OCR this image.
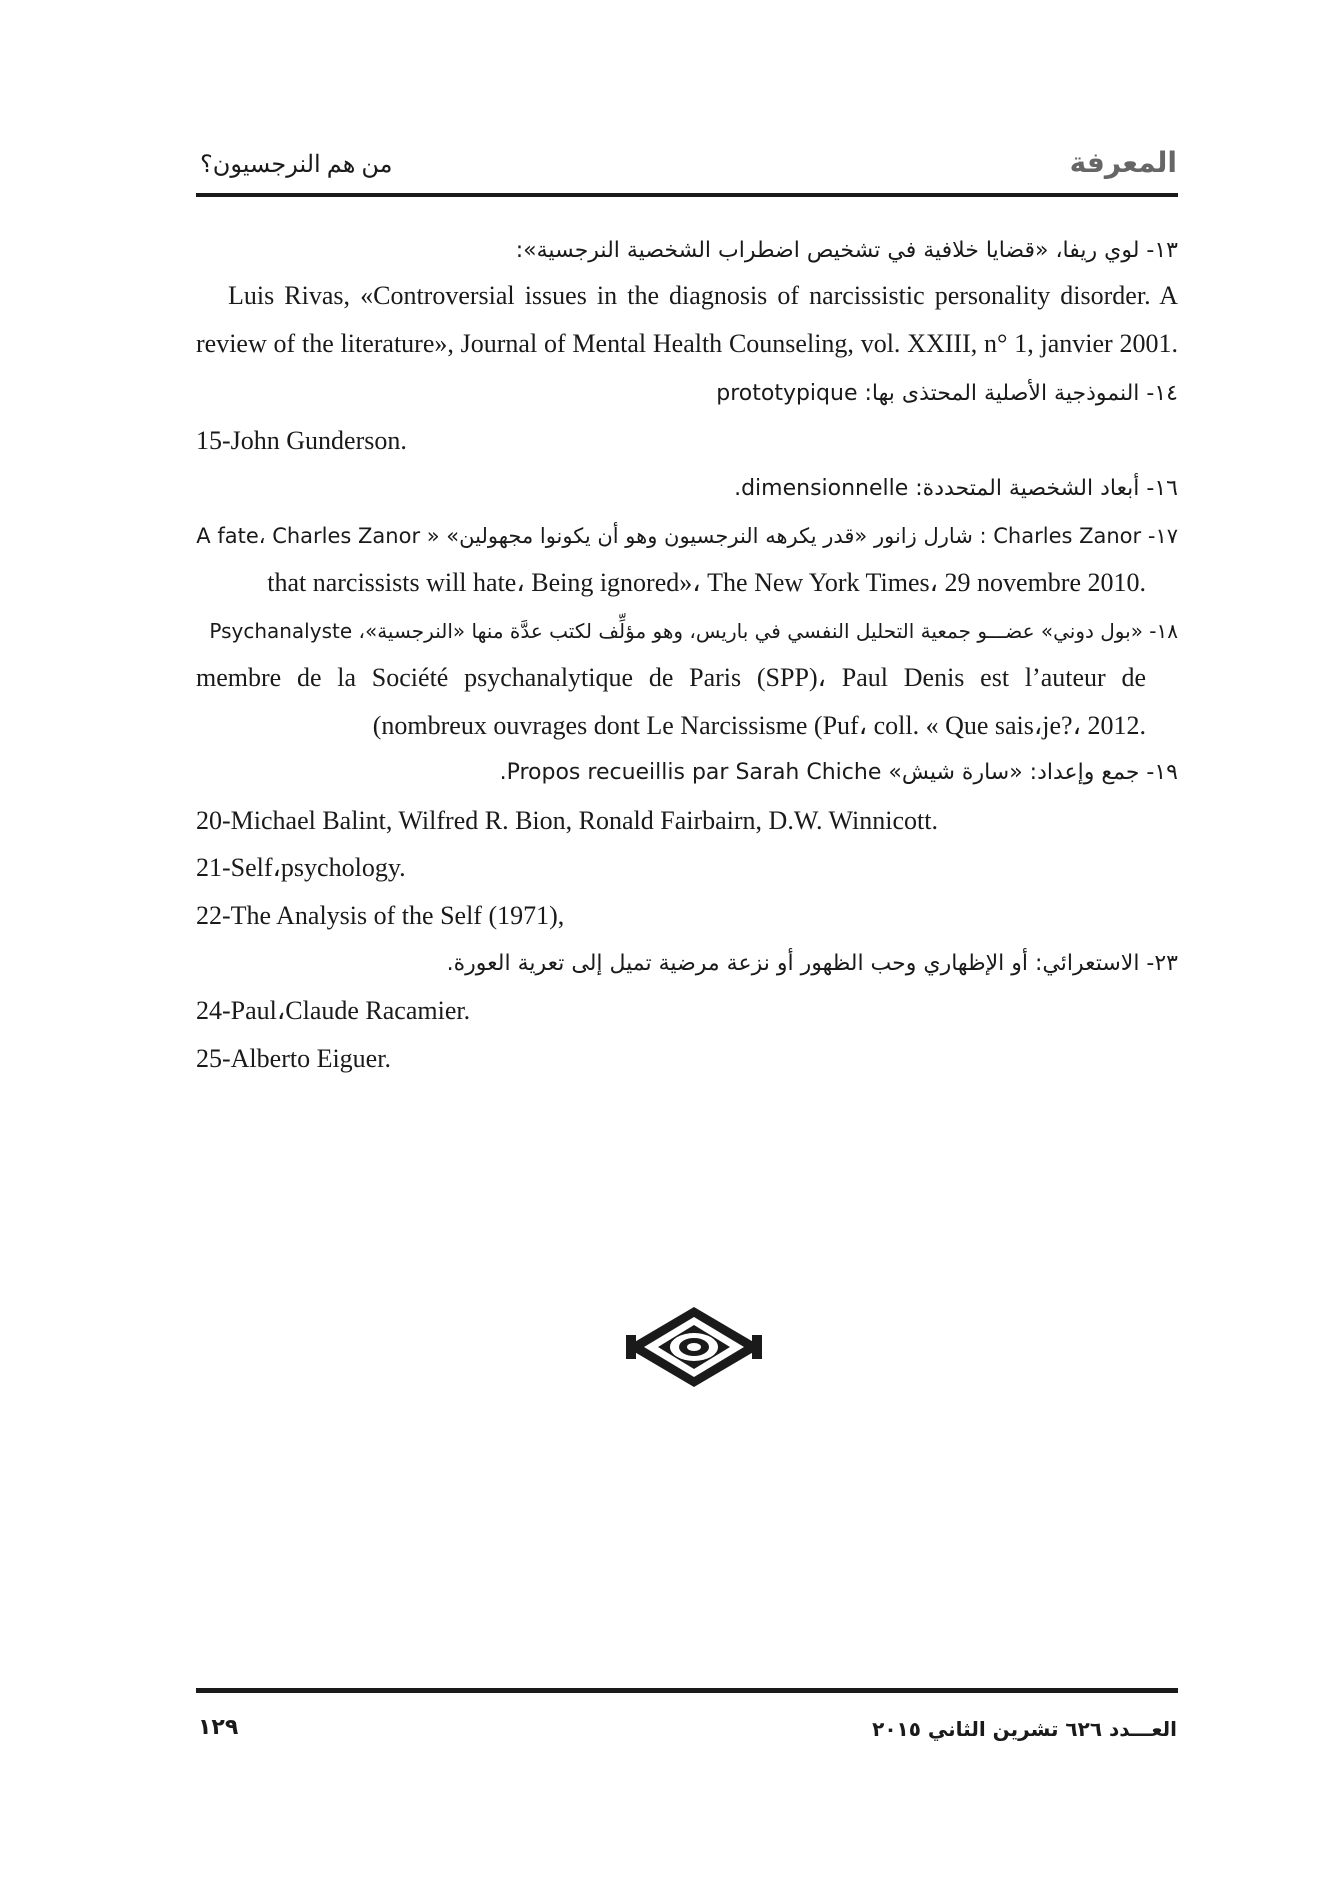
من هم النرجسيون؟	المعرفة
١٣- لوي ريفا، «قضايا خلافية في تشخيص اضطراب الشخصية النرجسية»:
Luis Rivas, «Controversial issues in the diagnosis of narcissistic personality disorder. A
review of the literature», Journal of Mental Health Counseling, vol. XXIII, n° 1, janvier 2001.
١٤- النموذجية الأصلية المحتذى بها: prototypique
15-John Gunderson.
١٦- أبعاد الشخصية المتحددة: dimensionnelle.
١٧- Charles Zanor : شارل زانور «قدر يكرهه النرجسيون وهو أن يكونوا مجهولين» « A fate، Charles Zanor
that narcissists will hate، Being ignored»، The New York Times، 29 novembre 2010.
١٨- «بول دوني» عضـــو جمعية التحليل النفسي في باريس، وهو مؤلِّف لكتب عدَّة منها «النرجسية»، Psychanalyste
membre de la Société psychanalytique de Paris (SPP)، Paul Denis est l’auteur de
(nombreux ouvrages dont Le Narcissisme (Puf، coll. « Que sais،je?، 2012.
١٩- جمع وإعداد: «سارة شيش» Propos recueillis par Sarah Chiche.
20-Michael Balint, Wilfred R. Bion, Ronald Fairbairn, D.W. Winnicott.
21-Self،psychology.
22-The Analysis of the Self (1971),
٢٣- الاستعرائي: أو الإظهاري وحب الظهور أو نزعة مرضية تميل إلى تعرية العورة.
24-Paul،Claude Racamier.
25-Alberto Eiguer.
العـــدد ٦٢٦ تشرين الثاني ٢٠١٥
١٢٩
